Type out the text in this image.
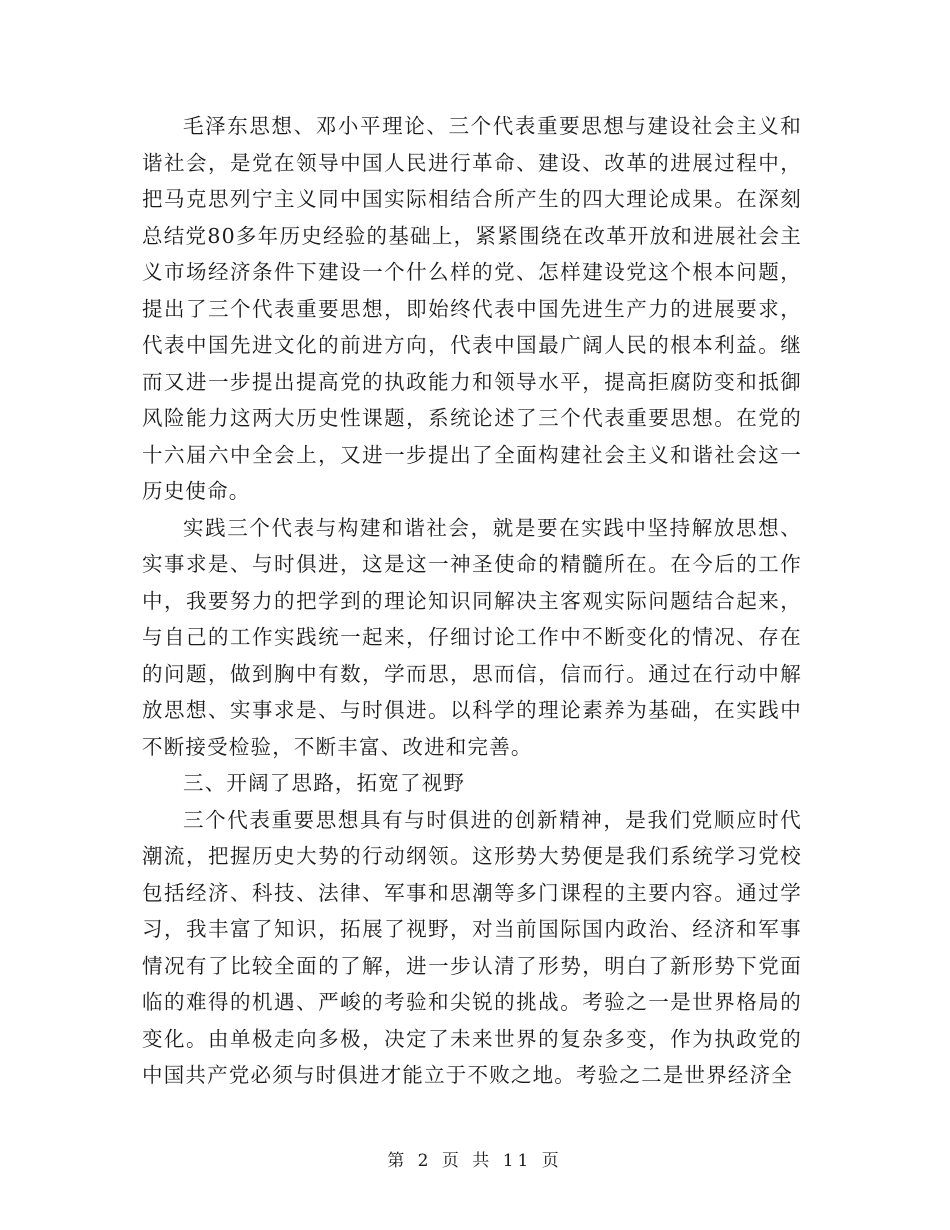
毛泽东思想、邓小平理论、三个代表重要思想与建设社会主义和谐社会，是党在领导中国人民进行革命、建设、改革的进展过程中，把马克思列宁主义同中国实际相结合所产生的四大理论成果。在深刻总结党80多年历史经验的基础上，紧紧围绕在改革开放和进展社会主义市场经济条件下建设一个什么样的党、怎样建设党这个根本问题，提出了三个代表重要思想，即始终代表中国先进生产力的进展要求，代表中国先进文化的前进方向，代表中国最广阔人民的根本利益。继而又进一步提出提高党的执政能力和领导水平，提高拒腐防变和抵御风险能力这两大历史性课题，系统论述了三个代表重要思想。在党的十六届六中全会上，又进一步提出了全面构建社会主义和谐社会这一历史使命。

实践三个代表与构建和谐社会，就是要在实践中坚持解放思想、实事求是、与时俱进，这是这一神圣使命的精髓所在。在今后的工作中，我要努力的把学到的理论知识同解决主客观实际问题结合起来，与自己的工作实践统一起来，仔细讨论工作中不断变化的情况、存在的问题，做到胸中有数，学而思，思而信，信而行。通过在行动中解放思想、实事求是、与时俱进。以科学的理论素养为基础，在实践中不断接受检验，不断丰富、改进和完善。

三、开阔了思路，拓宽了视野

三个代表重要思想具有与时俱进的创新精神，是我们党顺应时代潮流，把握历史大势的行动纲领。这形势大势便是我们系统学习党校包括经济、科技、法律、军事和思潮等多门课程的主要内容。通过学习，我丰富了知识，拓展了视野，对当前国际国内政治、经济和军事情况有了比较全面的了解，进一步认清了形势，明白了新形势下党面临的难得的机遇、严峻的考验和尖锐的挑战。考验之一是世界格局的变化。由单极走向多极，决定了未来世界的复杂多变，作为执政党的中国共产党必须与时俱进才能立于不败之地。考验之二是世界经济全

第 2 页 共 11 页
